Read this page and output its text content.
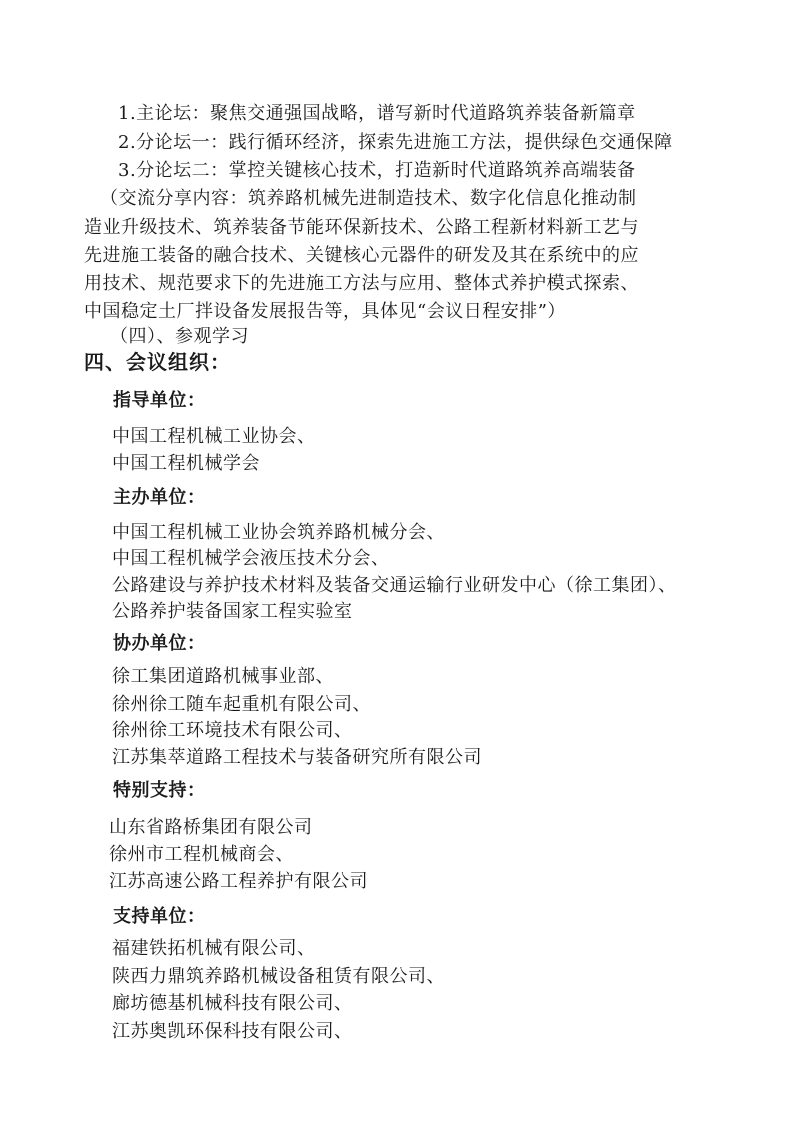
1.主论坛：聚焦交通强国战略，谱写新时代道路筑养装备新篇章
2.分论坛一：践行循环经济，探索先进施工方法，提供绿色交通保障
3.分论坛二：掌控关键核心技术，打造新时代道路筑养高端装备
（交流分享内容：筑养路机械先进制造技术、数字化信息化推动制
造业升级技术、筑养装备节能环保新技术、公路工程新材料新工艺与
先进施工装备的融合技术、关键核心元器件的研发及其在系统中的应
用技术、规范要求下的先进施工方法与应用、整体式养护模式探索、
中国稳定土厂拌设备发展报告等，具体见“会议日程安排”）
（四）、参观学习
四、会议组织：
指导单位：
中国工程机械工业协会、
中国工程机械学会
主办单位：
中国工程机械工业协会筑养路机械分会、
中国工程机械学会液压技术分会、
公路建设与养护技术材料及装备交通运输行业研发中心（徐工集团）、
公路养护装备国家工程实验室
协办单位：
徐工集团道路机械事业部、
徐州徐工随车起重机有限公司、
徐州徐工环境技术有限公司、
江苏集萃道路工程技术与装备研究所有限公司
特别支持：
山东省路桥集团有限公司
徐州市工程机械商会、
江苏高速公路工程养护有限公司
支持单位：
福建铁拓机械有限公司、
陕西力鼎筑养路机械设备租赁有限公司、
廊坊德基机械科技有限公司、
江苏奥凯环保科技有限公司、
